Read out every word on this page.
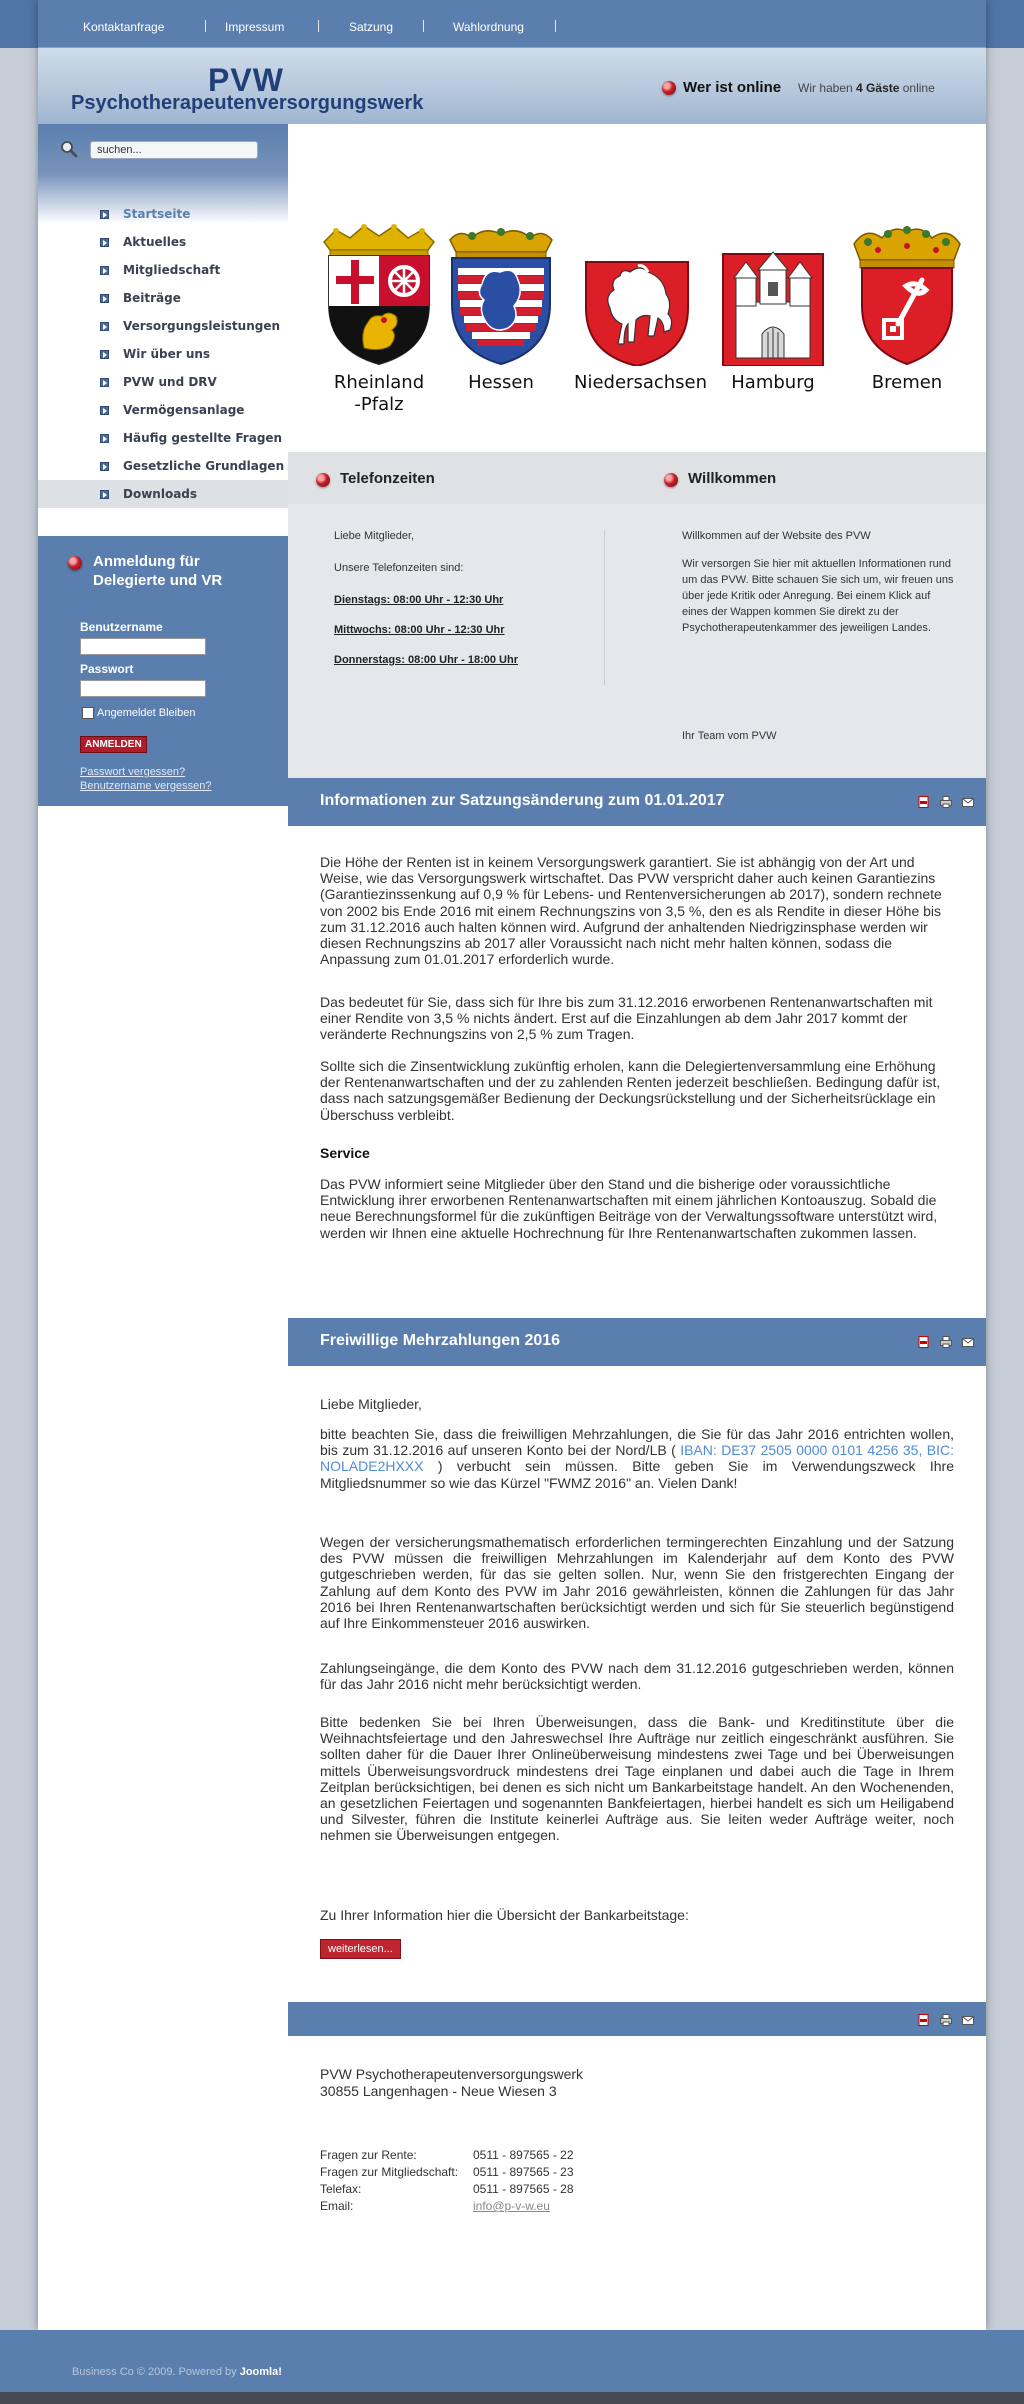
Kontaktanfrage	Impressum	Satzung	Wahlordnung
PVW
Psychotherapeutenversorgungswerk
Wer ist online Wir haben 4 Gäste online
suchen...
Startseite
Aktuelles
Mitgliedschaft
Beiträge
Versorgungsleistungen
Wir über uns
PVW und DRV
Vermögensanlage
Häufig gestellte Fragen
Gesetzliche Grundlagen
Downloads
Anmeldung für
Delegierte und VR
Benutzername
Passwort
Angemeldet Bleiben
ANMELDEN
Passwort vergessen?
Benutzername vergessen?
Rheinland
-Pfalz
Hessen	Niedersachsen	Hamburg	Bremen
Telefonzeiten	Willkommen
Liebe Mitglieder,
Unsere Telefonzeiten sind:
Dienstags: 08:00 Uhr - 12:30 Uhr
Mittwochs: 08:00 Uhr - 12:30 Uhr
Donnerstags: 08:00 Uhr - 18:00 Uhr
Willkommen auf der Website des PVW
Wir versorgen Sie hier mit aktuellen Informationen rund um das PVW. Bitte schauen Sie sich um, wir freuen uns über jede Kritik oder Anregung. Bei einem Klick auf eines der Wappen kommen Sie direkt zu der Psychotherapeutenkammer des jeweiligen Landes.
Ihr Team vom PVW
Informationen zur Satzungsänderung zum 01.01.2017
Die Höhe der Renten ist in keinem Versorgungswerk garantiert. Sie ist abhängig von der Art und Weise, wie das Versorgungswerk wirtschaftet. Das PVW verspricht daher auch keinen Garantiezins (Garantiezinssenkung auf 0,9 % für Lebens- und Rentenversicherungen ab 2017), sondern rechnete von 2002 bis Ende 2016 mit einem Rechnungszins von 3,5 %, den es als Rendite in dieser Höhe bis zum 31.12.2016 auch halten können wird. Aufgrund der anhaltenden Niedrigzinsphase werden wir diesen Rechnungszins ab 2017 aller Voraussicht nach nicht mehr halten können, sodass die Anpassung zum 01.01.2017 erforderlich wurde.
Das bedeutet für Sie, dass sich für Ihre bis zum 31.12.2016 erworbenen Rentenanwartschaften mit einer Rendite von 3,5 % nichts ändert. Erst auf die Einzahlungen ab dem Jahr 2017 kommt der veränderte Rechnungszins von 2,5 % zum Tragen.
Sollte sich die Zinsentwicklung zukünftig erholen, kann die Delegiertenversammlung eine Erhöhung der Rentenanwartschaften und der zu zahlenden Renten jederzeit beschließen. Bedingung dafür ist, dass nach satzungsgemäßer Bedienung der Deckungsrückstellung und der Sicherheitsrücklage ein Überschuss verbleibt.
Service
Das PVW informiert seine Mitglieder über den Stand und die bisherige oder voraussichtliche Entwicklung ihrer erworbenen Rentenanwartschaften mit einem jährlichen Kontoauszug. Sobald die neue Berechnungsformel für die zukünftigen Beiträge von der Verwaltungssoftware unterstützt wird, werden wir Ihnen eine aktuelle Hochrechnung für Ihre Rentenanwartschaften zukommen lassen.
Freiwillige Mehrzahlungen 2016
Liebe Mitglieder,
bitte beachten Sie, dass die freiwilligen Mehrzahlungen, die Sie für das Jahr 2016 entrichten wollen, bis zum 31.12.2016 auf unseren Konto bei der Nord/LB ( IBAN: DE37 2505 0000 0101 4256 35, BIC: NOLADE2HXXX ) verbucht sein müssen. Bitte geben Sie im Verwendungszweck Ihre Mitgliedsnummer so wie das Kürzel "FWMZ 2016" an. Vielen Dank!
Wegen der versicherungsmathematisch erforderlichen termingerechten Einzahlung und der Satzung des PVW müssen die freiwilligen Mehrzahlungen im Kalenderjahr auf dem Konto des PVW gutgeschrieben werden, für das sie gelten sollen. Nur, wenn Sie den fristgerechten Eingang der Zahlung auf dem Konto des PVW im Jahr 2016 gewährleisten, können die Zahlungen für das Jahr 2016 bei Ihren Rentenanwartschaften berücksichtigt werden und sich für Sie steuerlich begünstigend auf Ihre Einkommensteuer 2016 auswirken.
Zahlungseingänge, die dem Konto des PVW nach dem 31.12.2016 gutgeschrieben werden, können für das Jahr 2016 nicht mehr berücksichtigt werden.
Bitte bedenken Sie bei Ihren Überweisungen, dass die Bank- und Kreditinstitute über die Weihnachtsfeiertage und den Jahreswechsel Ihre Aufträge nur zeitlich eingeschränkt ausführen. Sie sollten daher für die Dauer Ihrer Onlineüberweisung mindestens zwei Tage und bei Überweisungen mittels Überweisungsvordruck mindestens drei Tage einplanen und dabei auch die Tage in Ihrem Zeitplan berücksichtigen, bei denen es sich nicht um Bankarbeitstage handelt. An den Wochenenden, an gesetzlichen Feiertagen und sogenannten Bankfeiertagen, hierbei handelt es sich um Heiligabend und Silvester, führen die Institute keinerlei Aufträge aus. Sie leiten weder Aufträge weiter, noch nehmen sie Überweisungen entgegen.
Zu Ihrer Information hier die Übersicht der Bankarbeitstage:
weiterlesen...
PVW Psychotherapeutenversorgungswerk
30855 Langenhagen - Neue Wiesen 3
Fragen zur Rente:	0511 - 897565 - 22
Fragen zur Mitgliedschaft: 0511 - 897565 - 23
Telefax:	0511 - 897565 - 28
Email:	info@p-v-w.eu
Business Co © 2009. Powered by Joomla!
